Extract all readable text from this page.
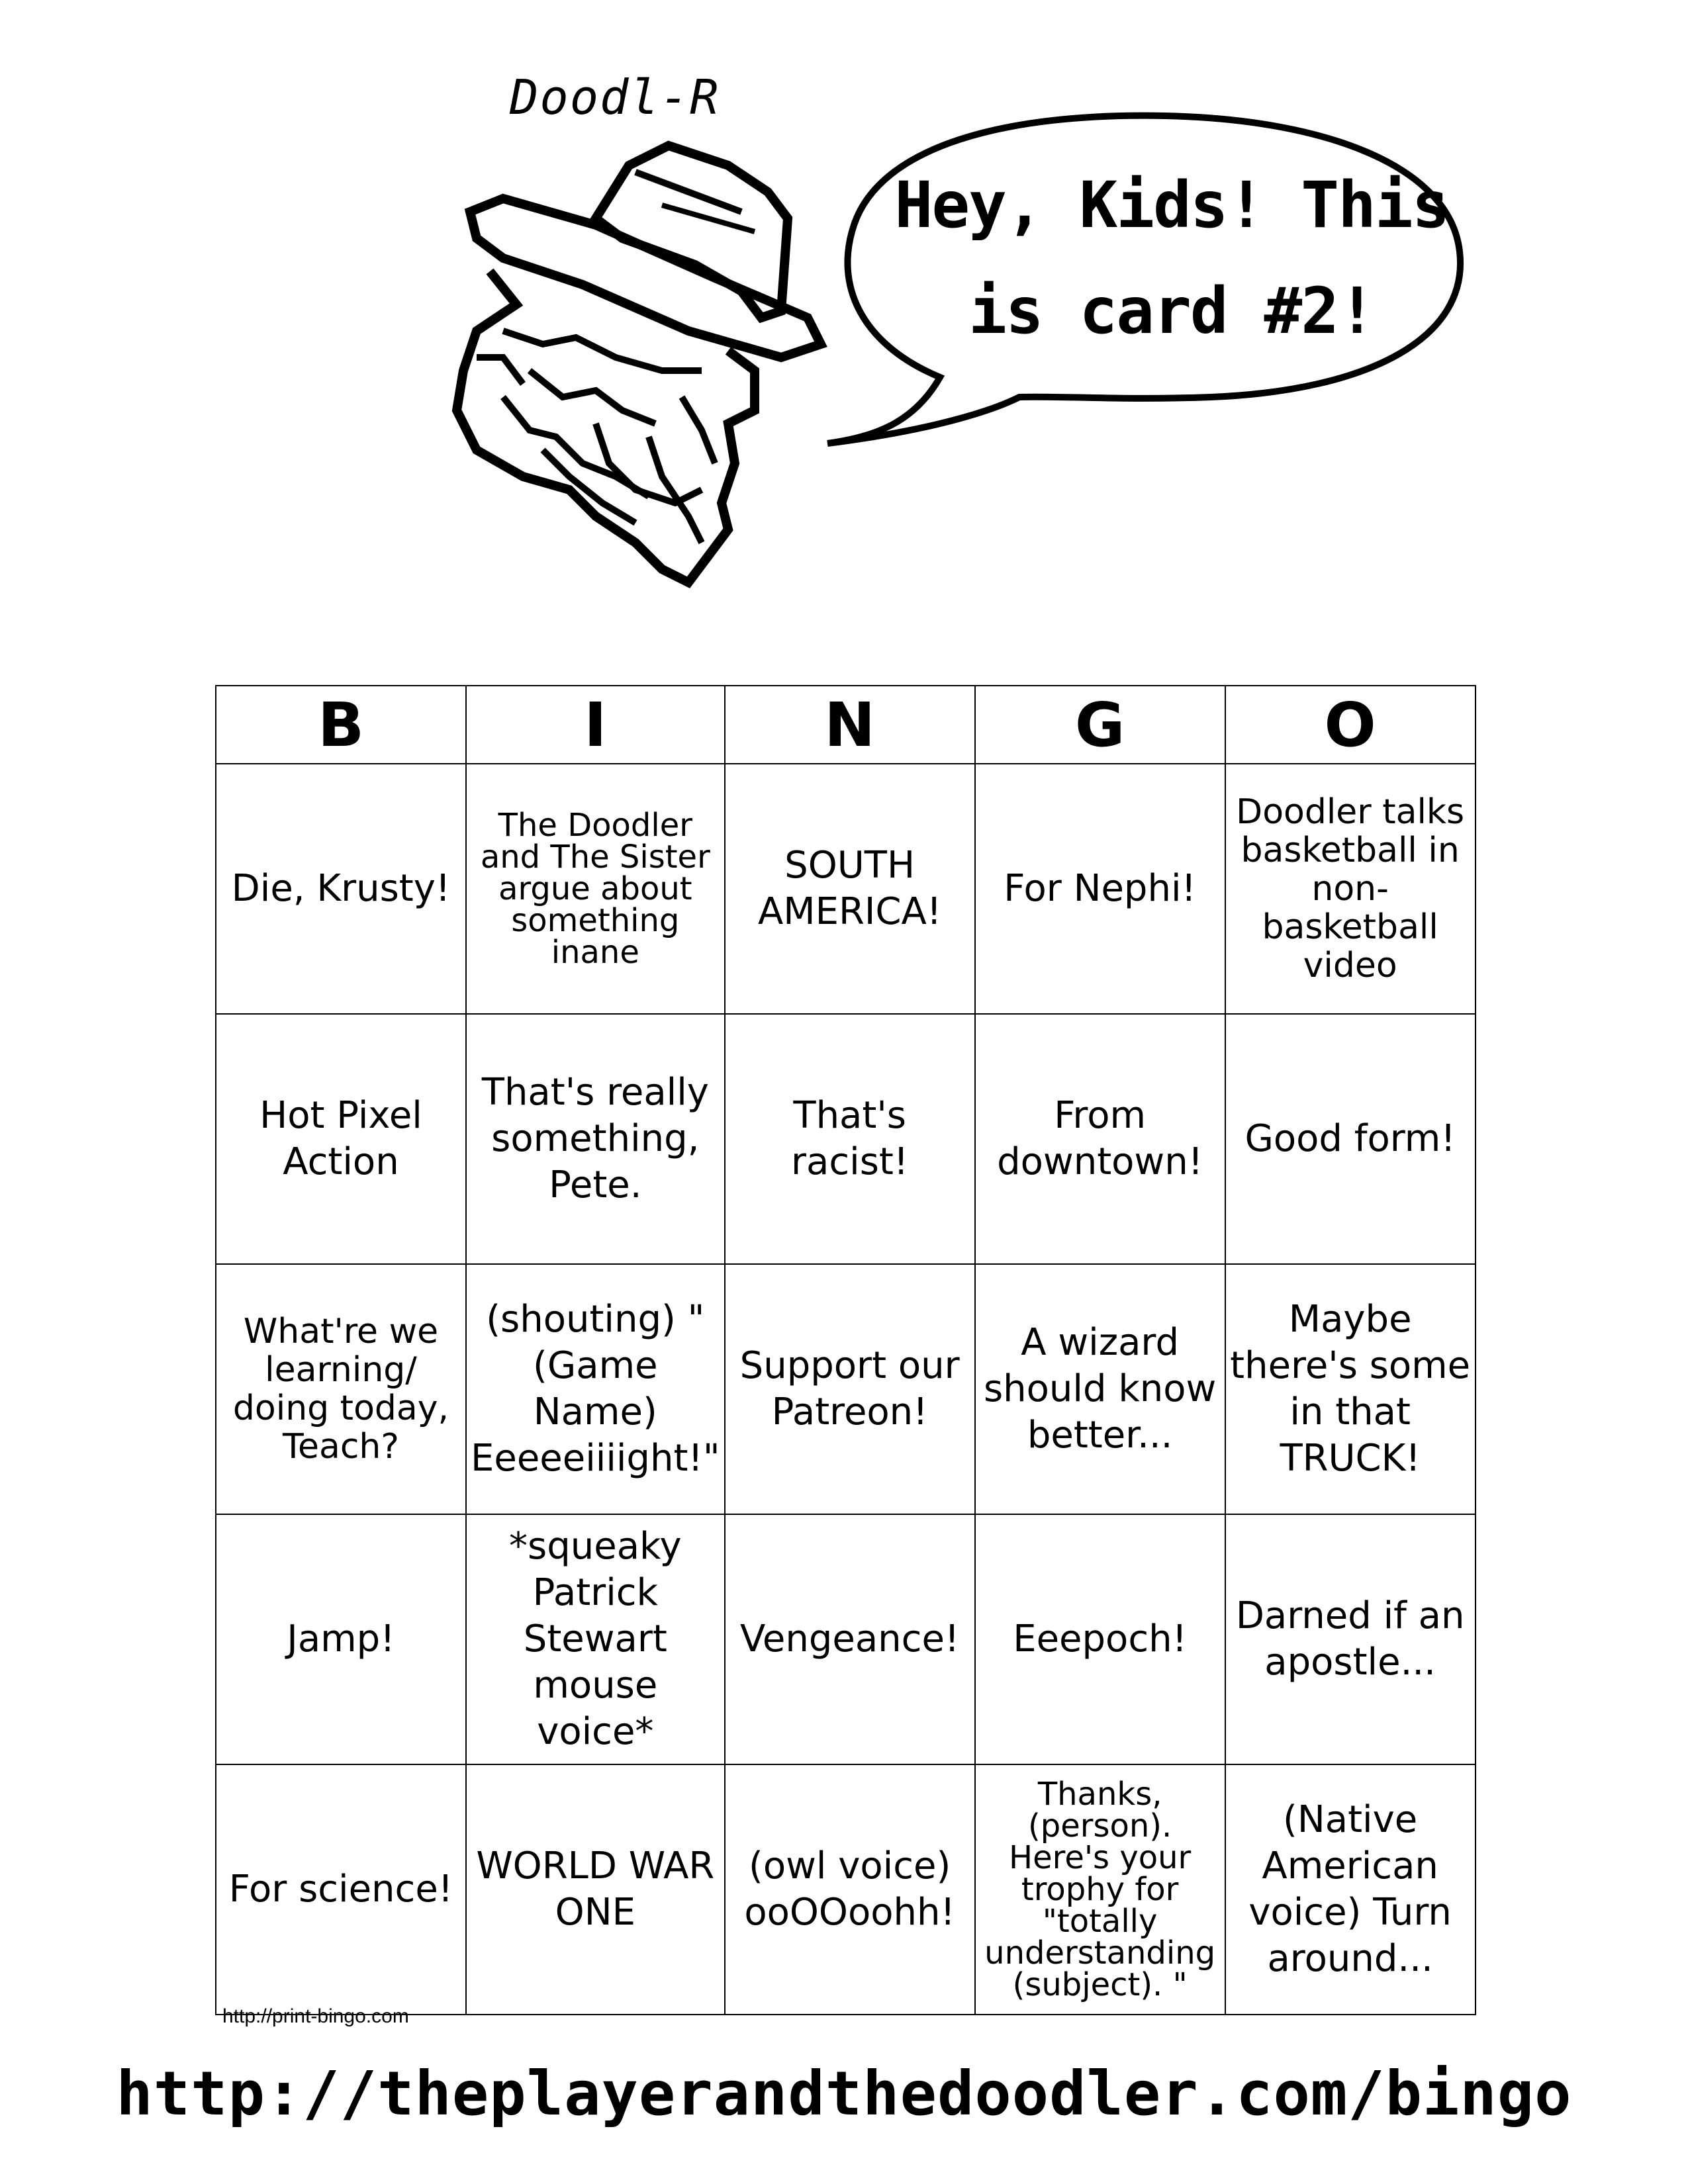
Doodl-R
Hey, Kids! This is card #2!
B	I	N	G	O

Die, Krusty!	The Doodler and The Sister argue about something inane	SOUTH AMERICA!	For Nephi!	Doodler talks basketball in non-basketball video

Hot Pixel Action	That's really something, Pete.	That's racist!	From downtown!	Good form!

What're we learning/ doing today, Teach?	(shouting) "(Game Name) Eeeeeiiiight!"	Support our Patreon!	A wizard should know better...	Maybe there's some in that TRUCK!

Jamp!	*squeaky Patrick Stewart mouse voice*	Vengeance!	Eeepoch!	Darned if an apostle...

For science!	WORLD WAR ONE	(owl voice) ooOOoohh!	Thanks, (person). Here's your trophy for "totally understanding (subject). "	(Native American voice) Turn around...
http://print-bingo.com
http://theplayerandthedoodler.com/bingo
